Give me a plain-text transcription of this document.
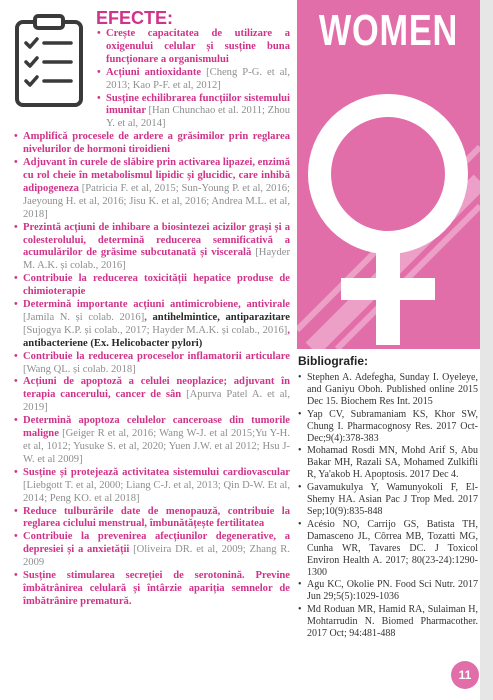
EFECTE:
• Crește capacitatea de utilizare a oxigenului celular și susține buna funcționare a organismului
• Acțiuni antioxidante [Cheng P-G. et al, 2013; Kao P-F. et al, 2012]
• Susține echilibrarea funcțiilor sistemului imunitar [Han Chunchao et al. 2011; Zhou Y. et al, 2014]
• Amplifică procesele de ardere a grăsimilor prin reglarea nivelurilor de hormoni tiroidieni
• Adjuvant în curele de slăbire prin activarea lipazei, enzimă cu rol cheie în metabolismul lipidic și glucidic, care inhibă adipogeneza [Patricia F. et al, 2015; Sun-Young P. et al, 2016; Jaeyoung H. et al, 2016; Jisu K. et al, 2016; Andrea M.L. et al, 2018]
• Prezintă acțiuni de inhibare a biosintezei acizilor grași și a colesterolului, determină reducerea semnificativă a acumulărilor de grăsime subcutanată și viscerală [Hayder M. A.K. și colab., 2016]
• Contribuie la reducerea toxicității hepatice produse de chimioterapie
• Determină importante acțiuni antimicrobiene, antivirale [Jamila N. și colab. 2016], antihelmintice, antiparazitare [Sujogya K.P. și colab., 2017; Hayder M.A.K. și colab., 2016], antibacteriene (Ex. Helicobacter pylori)
• Contribuie la reducerea proceselor inflamatorii articulare [Wang QL. și colab. 2018]
• Acțiuni de apoptoză a celulei neoplazice; adjuvant în terapia cancerului, cancer de sân [Apurva Patel A. et al, 2019]
• Determină apoptoza celulelor canceroase din tumorile maligne [Geiger R et al, 2016; Wang W-J. et al 2015;Yu Y-H. et al, 1012; Yusuke S. et al, 2020; Yuen J.W. et al 2012; Hsu J-W. et al 2009]
• Susține și protejează activitatea sistemului cardiovascular [Liebgott T. et al, 2000; Liang C-J. et al, 2013; Qin D-W. Et al, 2014; Peng KO. et al 2018]
• Reduce tulburările date de menopauză, contribuie la reglarea ciclului menstrual, îmbunătățește fertilitatea
• Contribuie la prevenirea afecțiunilor degenerative, a depresiei și a anxietății [Oliveira DR. et al, 2009; Zhang R. 2009
• Susține stimularea secreției de serotonină. Previne îmbătrânirea celulară și întârzie apariția semnelor de îmbătrânire prematură.
WOMEN
Bibliografie:
• Stephen A. Adefegha, Sunday I. Oyeleye, and Ganiyu Oboh. Published online 2015 Dec 15. Biochem Res Int. 2015
• Yap CV, Subramaniam KS, Khor SW, Chung I. Pharmacognosy Res. 2017 Oct-Dec;9(4):378-383
• Mohamad Rosdi MN, Mohd Arif S, Abu Bakar MH, Razali SA, Mohamed Zulkifli R, Ya'akob H. Apoptosis. 2017 Dec 4.
• Gavamukulya Y, Wamunyokoli F, El-Shemy HA. Asian Pac J Trop Med. 2017 Sep;10(9):835-848
• Acésio NO, Carrijo GS, Batista TH, Damasceno JL, Côrrea MB, Tozatti MG, Cunha WR, Tavares DC. J Toxicol Environ Health A. 2017; 80(23-24):1290-1300
• Agu KC, Okolie PN. Food Sci Nutr. 2017 Jun 29;5(5):1029-1036
• Md Roduan MR, Hamid RA, Sulaiman H, Mohtarrudin N. Biomed Pharmacother. 2017 Oct; 94:481-488
11
